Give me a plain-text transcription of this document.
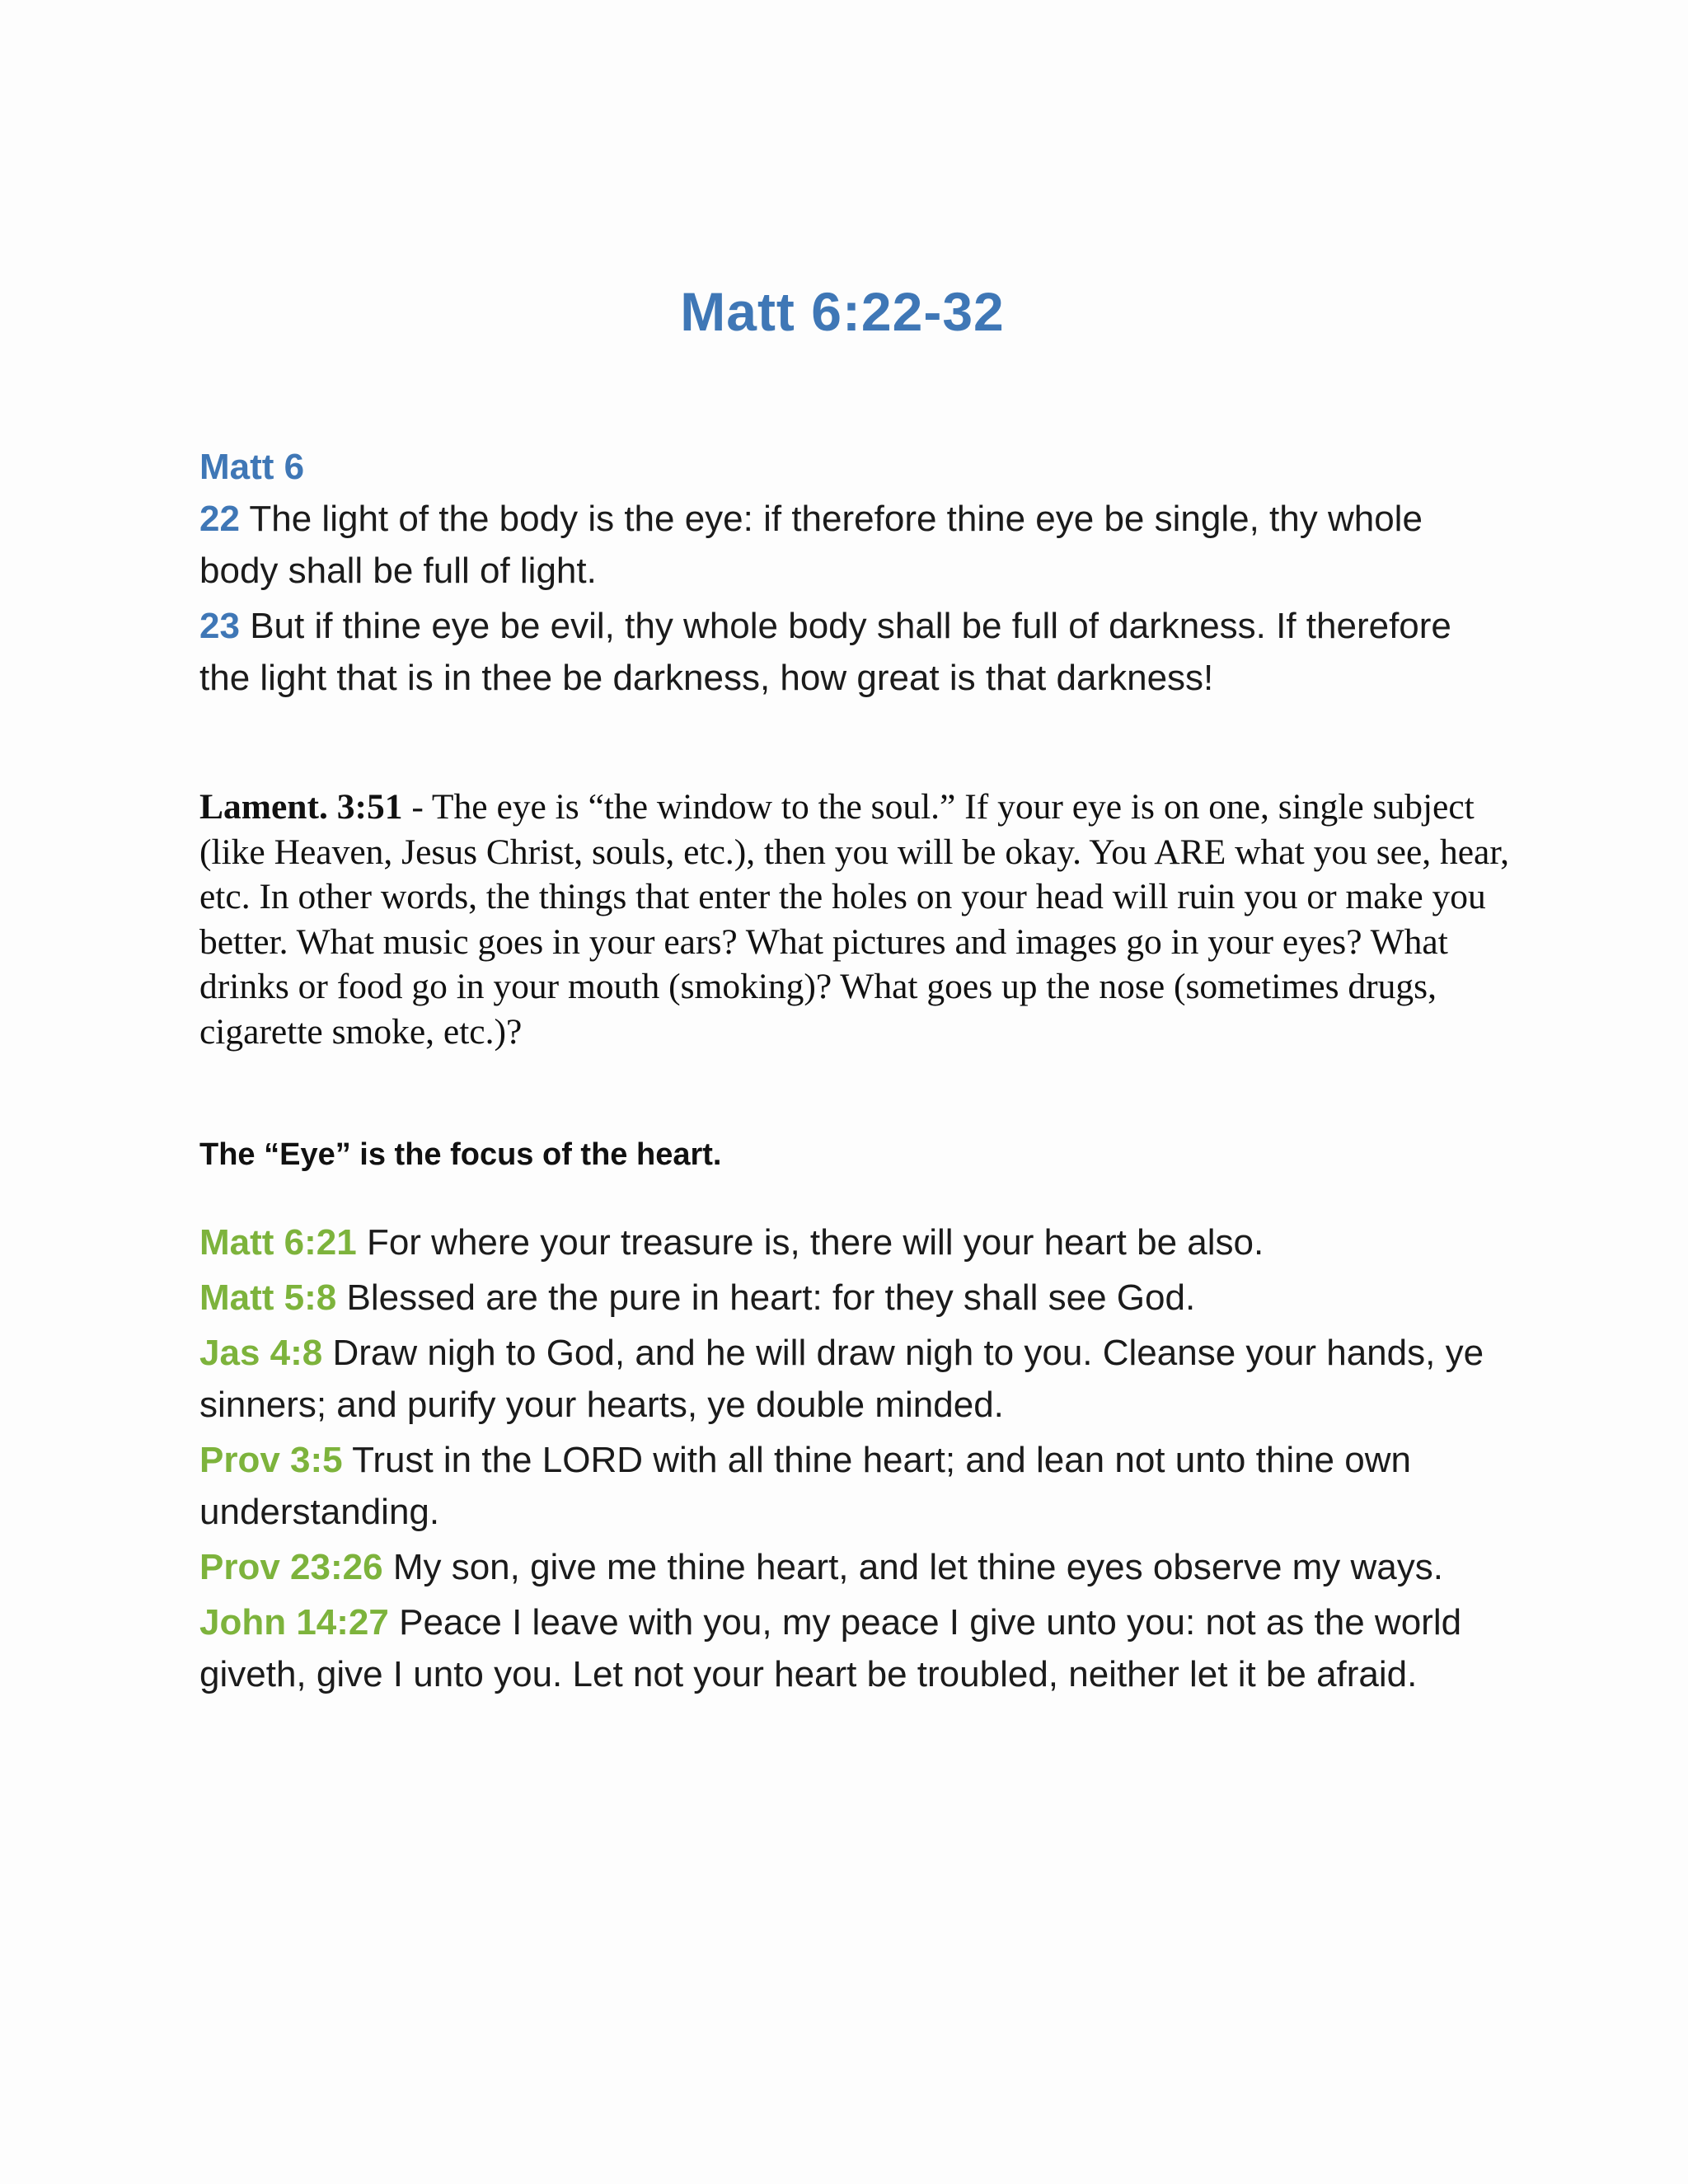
Matt 6:22-32
Matt 6
22 The light of the body is the eye: if therefore thine eye be single, thy whole body shall be full of light.
23 But if thine eye be evil, thy whole body shall be full of darkness. If therefore the light that is in thee be darkness, how great is that darkness!
Lament. 3:51 - The eye is “the window to the soul.” If your eye is on one, single subject (like Heaven, Jesus Christ, souls, etc.), then you will be okay. You ARE what you see, hear, etc. In other words, the things that enter the holes on your head will ruin you or make you better. What music goes in your ears? What pictures and images go in your eyes? What drinks or food go in your mouth (smoking)? What goes up the nose (sometimes drugs, cigarette smoke, etc.)?
The “Eye” is the focus of the heart.
Matt 6:21 For where your treasure is, there will your heart be also.
Matt 5:8 Blessed are the pure in heart: for they shall see God.
Jas 4:8 Draw nigh to God, and he will draw nigh to you. Cleanse your hands, ye sinners; and purify your hearts, ye double minded.
Prov 3:5 Trust in the LORD with all thine heart; and lean not unto thine own understanding.
Prov 23:26 My son, give me thine heart, and let thine eyes observe my ways.
John 14:27 Peace I leave with you, my peace I give unto you: not as the world giveth, give I unto you. Let not your heart be troubled, neither let it be afraid.
